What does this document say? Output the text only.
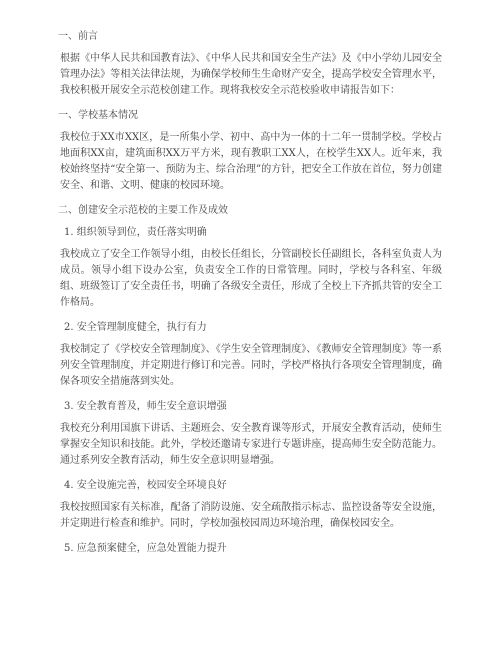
一、前言
根据《中华人民共和国教育法》、《中华人民共和国安全生产法》及《中小学幼儿园安全管理办法》等相关法律法规，为确保学校师生生命财产安全，提高学校安全管理水平，我校积极开展安全示范校创建工作。现将我校安全示范校验收申请报告如下：
一、学校基本情况
我校位于XX市XX区，是一所集小学、初中、高中为一体的十二年一贯制学校。学校占地面积XX亩，建筑面积XX万平方米，现有教职工XX人，在校学生XX人。近年来，我校始终坚持“安全第一、预防为主、综合治理”的方针，把安全工作放在首位，努力创建安全、和谐、文明、健康的校园环境。
二、创建安全示范校的主要工作及成效
1. 组织领导到位，责任落实明确
我校成立了安全工作领导小组，由校长任组长，分管副校长任副组长，各科室负责人为成员。领导小组下设办公室，负责安全工作的日常管理。同时，学校与各科室、年级组、班级签订了安全责任书，明确了各级安全责任，形成了全校上下齐抓共管的安全工作格局。
2. 安全管理制度健全，执行有力
我校制定了《学校安全管理制度》、《学生安全管理制度》、《教师安全管理制度》等一系列安全管理制度，并定期进行修订和完善。同时，学校严格执行各项安全管理制度，确保各项安全措施落到实处。
3. 安全教育普及，师生安全意识增强
我校充分利用国旗下讲话、主题班会、安全教育课等形式，开展安全教育活动，使师生掌握安全知识和技能。此外，学校还邀请专家进行专题讲座，提高师生安全防范能力。通过系列安全教育活动，师生安全意识明显增强。
4. 安全设施完善，校园安全环境良好
我校按照国家有关标准，配备了消防设施、安全疏散指示标志、监控设备等安全设施，并定期进行检查和维护。同时，学校加强校园周边环境治理，确保校园安全。
5. 应急预案健全，应急处置能力提升
